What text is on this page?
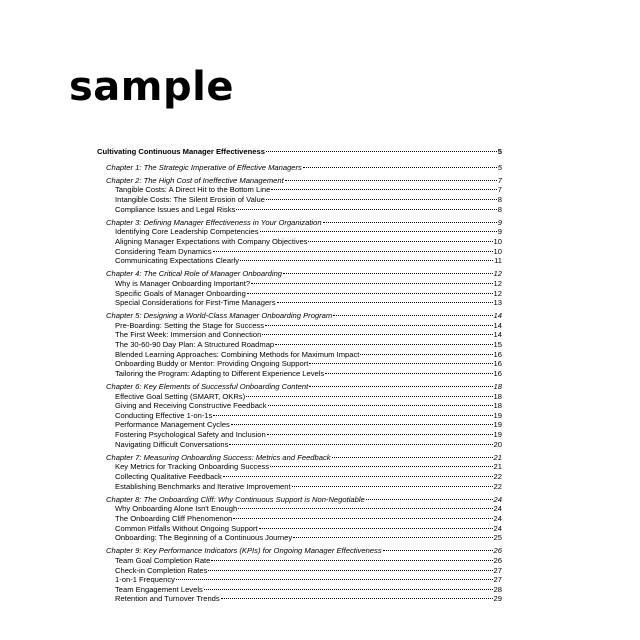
sample
Cultivating Continuous Manager Effectiveness	5
Chapter 1: The Strategic Imperative of Effective Managers	5
Chapter 2: The High Cost of Ineffective Management	7
Tangible Costs: A Direct Hit to the Bottom Line	7
Intangible Costs: The Silent Erosion of Value	8
Compliance Issues and Legal Risks	8
Chapter 3: Defining Manager Effectiveness in Your Organization	9
Identifying Core Leadership Competencies	9
Aligning Manager Expectations with Company Objectives	10
Considering Team Dynamics	10
Communicating Expectations Clearly	11
Chapter 4: The Critical Role of Manager Onboarding	12
Why is Manager Onboarding Important?	12
Specific Goals of Manager Onboarding	12
Special Considerations for First-Time Managers	13
Chapter 5: Designing a World-Class Manager Onboarding Program	14
Pre-Boarding: Setting the Stage for Success	14
The First Week: Immersion and Connection	14
The 30-60-90 Day Plan: A Structured Roadmap	15
Blended Learning Approaches: Combining Methods for Maximum Impact	16
Onboarding Buddy or Mentor: Providing Ongoing Support	16
Tailoring the Program: Adapting to Different Experience Levels	16
Chapter 6: Key Elements of Successful Onboarding Content	18
Effective Goal Setting (SMART, OKRs)	18
Giving and Receiving Constructive Feedback	18
Conducting Effective 1-on-1s	19
Performance Management Cycles	19
Fostering Psychological Safety and Inclusion	19
Navigating Difficult Conversations	20
Chapter 7: Measuring Onboarding Success: Metrics and Feedback	21
Key Metrics for Tracking Onboarding Success	21
Collecting Qualitative Feedback	22
Establishing Benchmarks and Iterative Improvement	22
Chapter 8: The Onboarding Cliff: Why Continuous Support is Non-Negotiable	24
Why Onboarding Alone Isn't Enough	24
The Onboarding Cliff Phenomenon	24
Common Pitfalls Without Ongoing Support	24
Onboarding: The Beginning of a Continuous Journey	25
Chapter 9: Key Performance Indicators (KPIs) for Ongoing Manager Effectiveness	26
Team Goal Completion Rate	26
Check-in Completion Rates	27
1-on-1 Frequency	27
Team Engagement Levels	28
Retention and Turnover Trends	29
